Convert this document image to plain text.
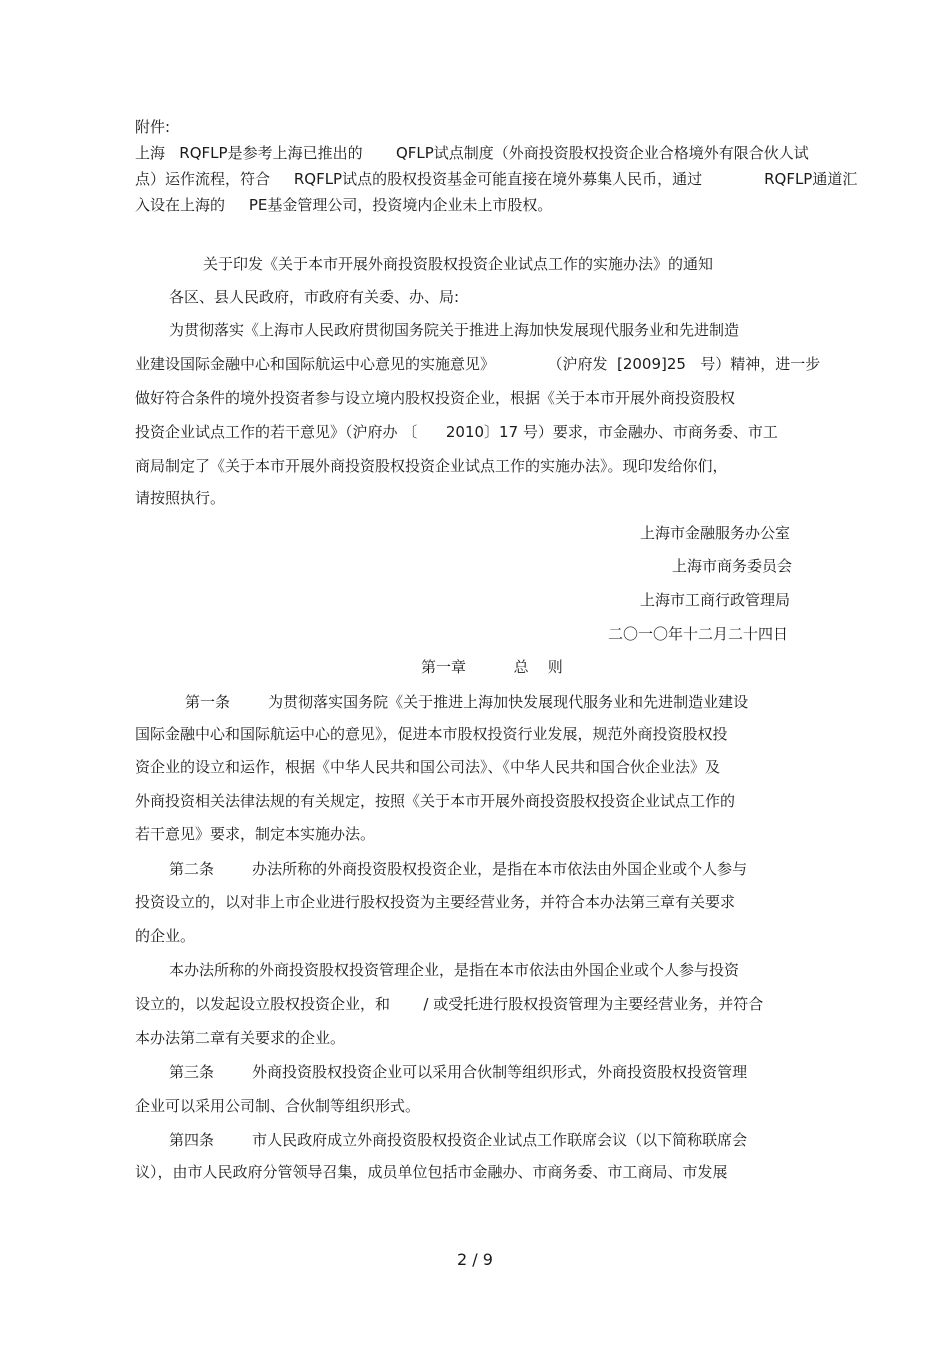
附件:
上海   RQFLP是参考上海已推出的       QFLP试点制度（外商投资股权投资企业合格境外有限合伙人试
点）运作流程，符合     RQFLP试点的股权投资基金可能直接在境外募集人民币，通过             RQFLP通道汇
入设在上海的     PE基金管理公司，投资境内企业未上市股权。
关于印发《关于本市开展外商投资股权投资企业试点工作的实施办法》的通知
各区、县人民政府，市政府有关委、办、局:
为贯彻落实《上海市人民政府贯彻国务院关于推进上海加快发展现代服务业和先进制造
业建设国际金融中心和国际航运中心意见的实施意见》           （沪府发  [2009]25   号）精神，进一步
做好符合条件的境外投资者参与设立境内股权投资企业，根据《关于本市开展外商投资股权
投资企业试点工作的若干意见》（沪府办 〔      2010〕17 号）要求，市金融办、市商务委、市工
商局制定了《关于本市开展外商投资股权投资企业试点工作的实施办法》。现印发给你们，
请按照执行。
上海市金融服务办公室
上海市商务委员会
上海市工商行政管理局
二〇一〇年十二月二十四日
第一章          总    则
第一条        为贯彻落实国务院《关于推进上海加快发展现代服务业和先进制造业建设
国际金融中心和国际航运中心的意见》，促进本市股权投资行业发展，规范外商投资股权投
资企业的设立和运作，根据《中华人民共和国公司法》、《中华人民共和国合伙企业法》及
外商投资相关法律法规的有关规定，按照《关于本市开展外商投资股权投资企业试点工作的
若干意见》要求，制定本实施办法。
第二条        办法所称的外商投资股权投资企业，是指在本市依法由外国企业或个人参与
投资设立的，以对非上市企业进行股权投资为主要经营业务，并符合本办法第三章有关要求
的企业。
本办法所称的外商投资股权投资管理企业，是指在本市依法由外国企业或个人参与投资
设立的，以发起设立股权投资企业，和       / 或受托进行股权投资管理为主要经营业务，并符合
本办法第二章有关要求的企业。
第三条        外商投资股权投资企业可以采用合伙制等组织形式，外商投资股权投资管理
企业可以采用公司制、合伙制等组织形式。
第四条        市人民政府成立外商投资股权投资企业试点工作联席会议（以下简称联席会
议），由市人民政府分管领导召集，成员单位包括市金融办、市商务委、市工商局、市发展
2 / 9
